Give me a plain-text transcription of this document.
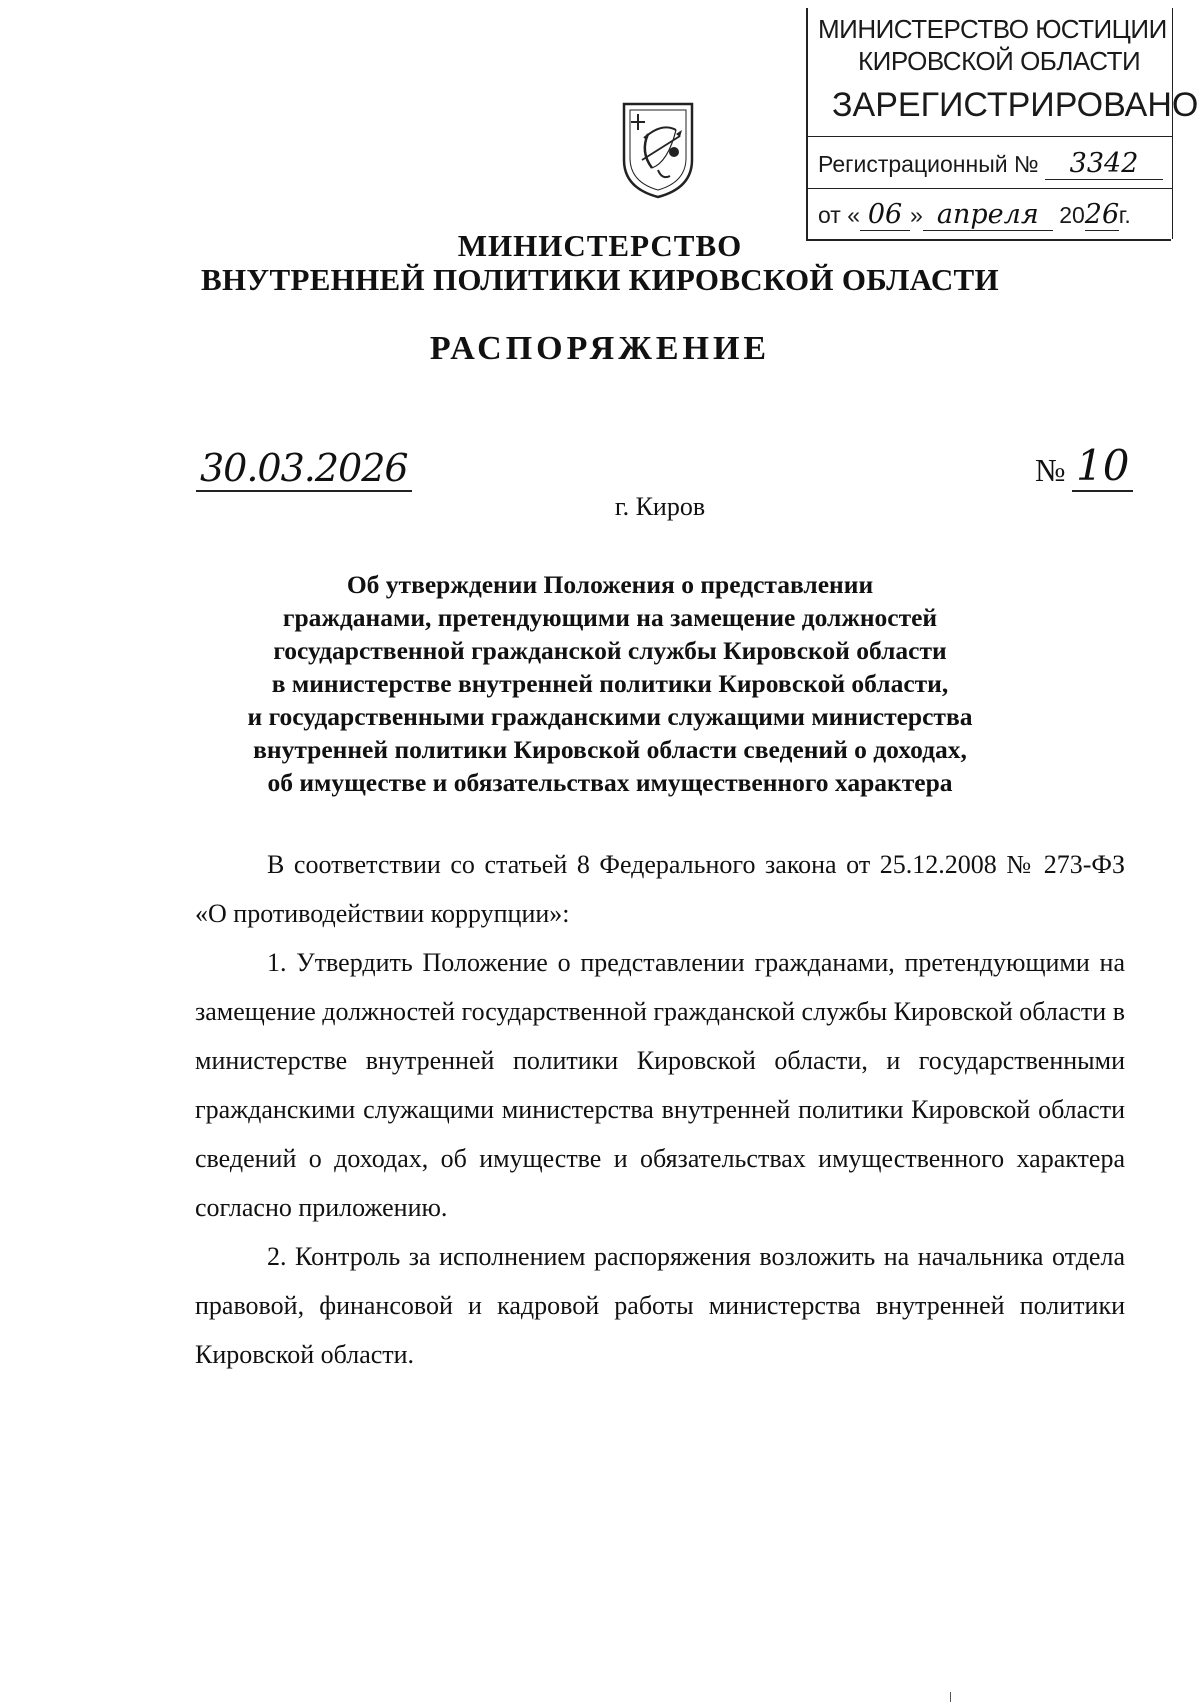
МИНИСТЕРСТВО ЮСТИЦИИ
КИРОВСКОЙ ОБЛАСТИ
ЗАРЕГИСТРИРОВАНО
Регистрационный № 3342
от « 06 » апреля 2026г.
МИНИСТЕРСТВО
ВНУТРЕННЕЙ ПОЛИТИКИ КИРОВСКОЙ ОБЛАСТИ
РАСПОРЯЖЕНИЕ
30.03.2026	№ 10
г. Киров
Об утверждении Положения о представлении
гражданами, претендующими на замещение должностей
государственной гражданской службы Кировской области
в министерстве внутренней политики Кировской области,
и государственными гражданскими служащими министерства
внутренней политики Кировской области сведений о доходах,
об имуществе и обязательствах имущественного характера

В соответствии со статьей 8 Федерального закона от 25.12.2008 № 273-ФЗ «О противодействии коррупции»:

1. Утвердить Положение о представлении гражданами, претендующими на замещение должностей государственной гражданской службы Кировской области в министерстве внутренней политики Кировской области, и государственными гражданскими служащими министерства внутренней политики Кировской области сведений о доходах, об имуществе и обязательствах имущественного характера согласно приложению.

2. Контроль за исполнением распоряжения возложить на начальника отдела правовой, финансовой и кадровой работы министерства внутренней политики Кировской области.
